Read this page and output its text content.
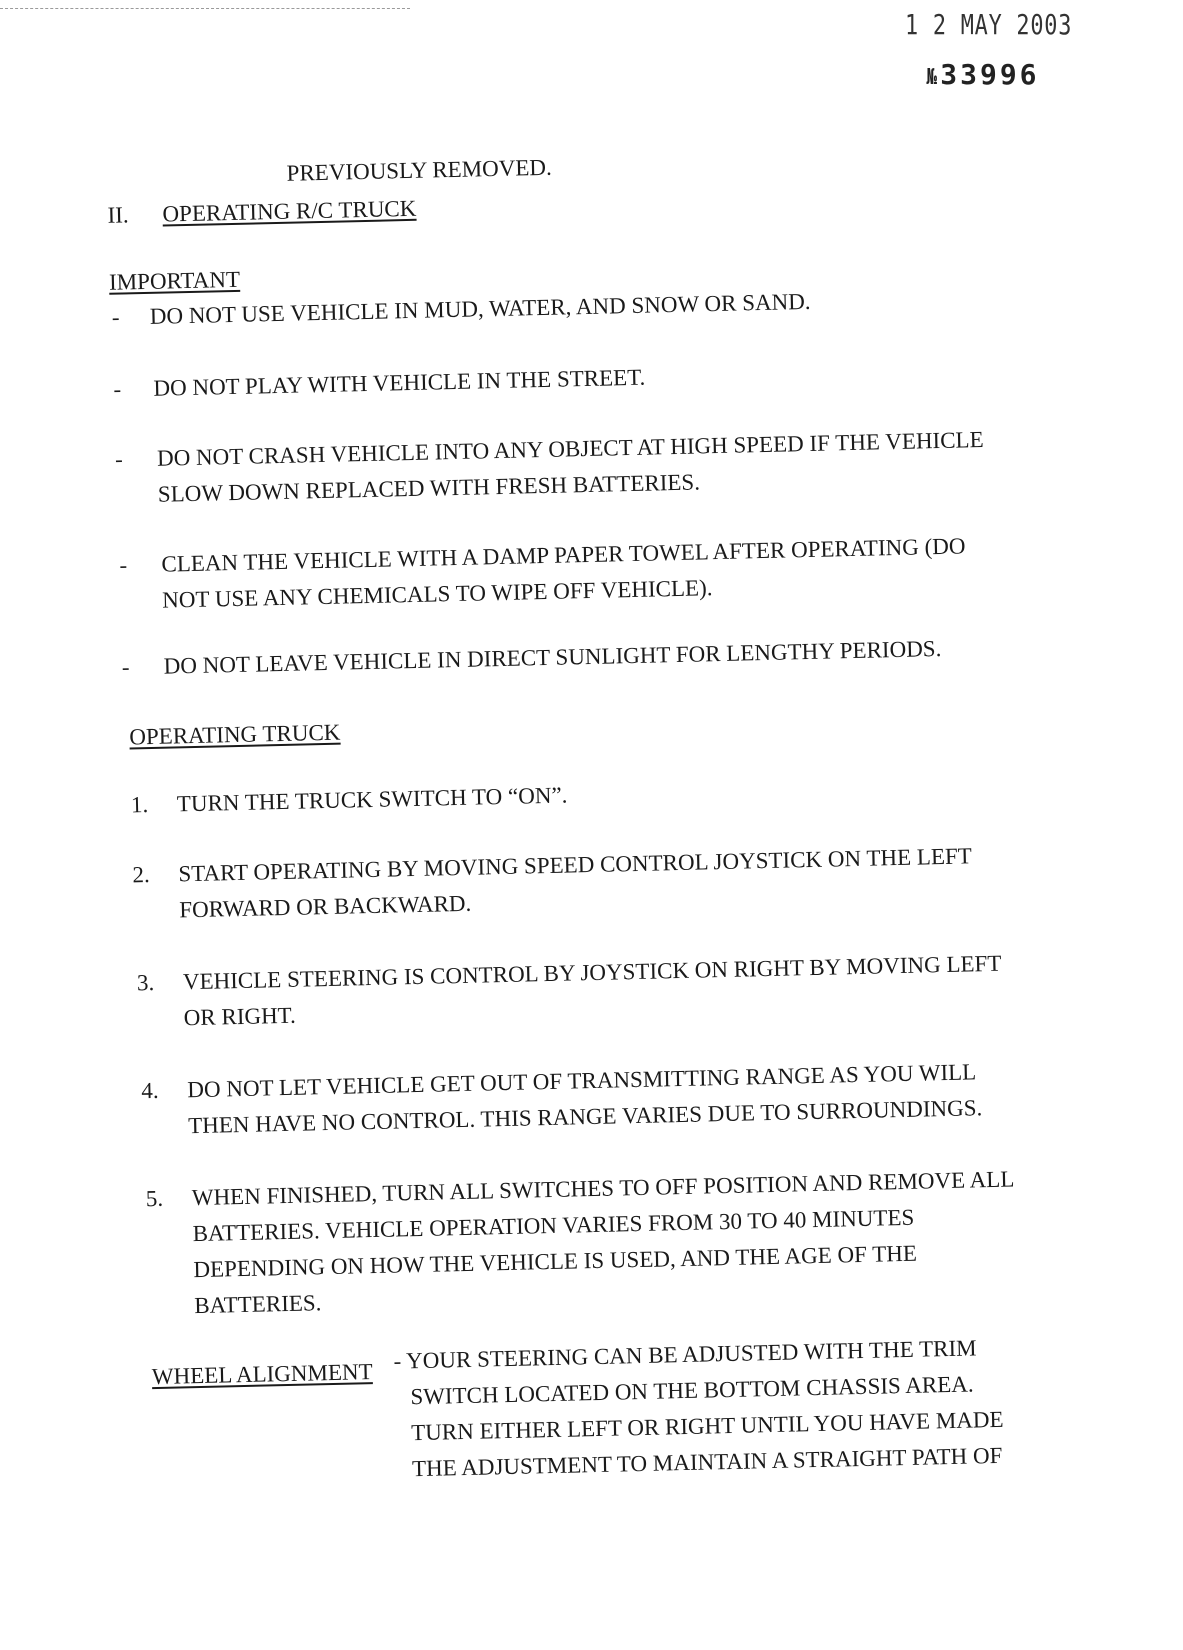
1 2 MAY 2003
№ 33996
PREVIOUSLY REMOVED.
II. OPERATING R/C TRUCK
IMPORTANT
- DO NOT USE VEHICLE IN MUD, WATER, AND SNOW OR SAND.
- DO NOT PLAY WITH VEHICLE IN THE STREET.
- DO NOT CRASH VEHICLE INTO ANY OBJECT AT HIGH SPEED IF THE VEHICLE
SLOW DOWN REPLACED WITH FRESH BATTERIES.
- CLEAN THE VEHICLE WITH A DAMP PAPER TOWEL AFTER OPERATING (DO
NOT USE ANY CHEMICALS TO WIPE OFF VEHICLE).
- DO NOT LEAVE VEHICLE IN DIRECT SUNLIGHT FOR LENGTHY PERIODS.
OPERATING TRUCK
1. TURN THE TRUCK SWITCH TO “ON”.
2. START OPERATING BY MOVING SPEED CONTROL JOYSTICK ON THE LEFT
FORWARD OR BACKWARD.
3. VEHICLE STEERING IS CONTROL BY JOYSTICK ON RIGHT BY MOVING LEFT
OR RIGHT.
4. DO NOT LET VEHICLE GET OUT OF TRANSMITTING RANGE AS YOU WILL
THEN HAVE NO CONTROL. THIS RANGE VARIES DUE TO SURROUNDINGS.
5. WHEN FINISHED, TURN ALL SWITCHES TO OFF POSITION AND REMOVE ALL
BATTERIES. VEHICLE OPERATION VARIES FROM 30 TO 40 MINUTES
DEPENDING ON HOW THE VEHICLE IS USED, AND THE AGE OF THE
BATTERIES.
WHEEL ALIGNMENT
- YOUR STEERING CAN BE ADJUSTED WITH THE TRIM
SWITCH LOCATED ON THE BOTTOM CHASSIS AREA.
TURN EITHER LEFT OR RIGHT UNTIL YOU HAVE MADE
THE ADJUSTMENT TO MAINTAIN A STRAIGHT PATH OF
